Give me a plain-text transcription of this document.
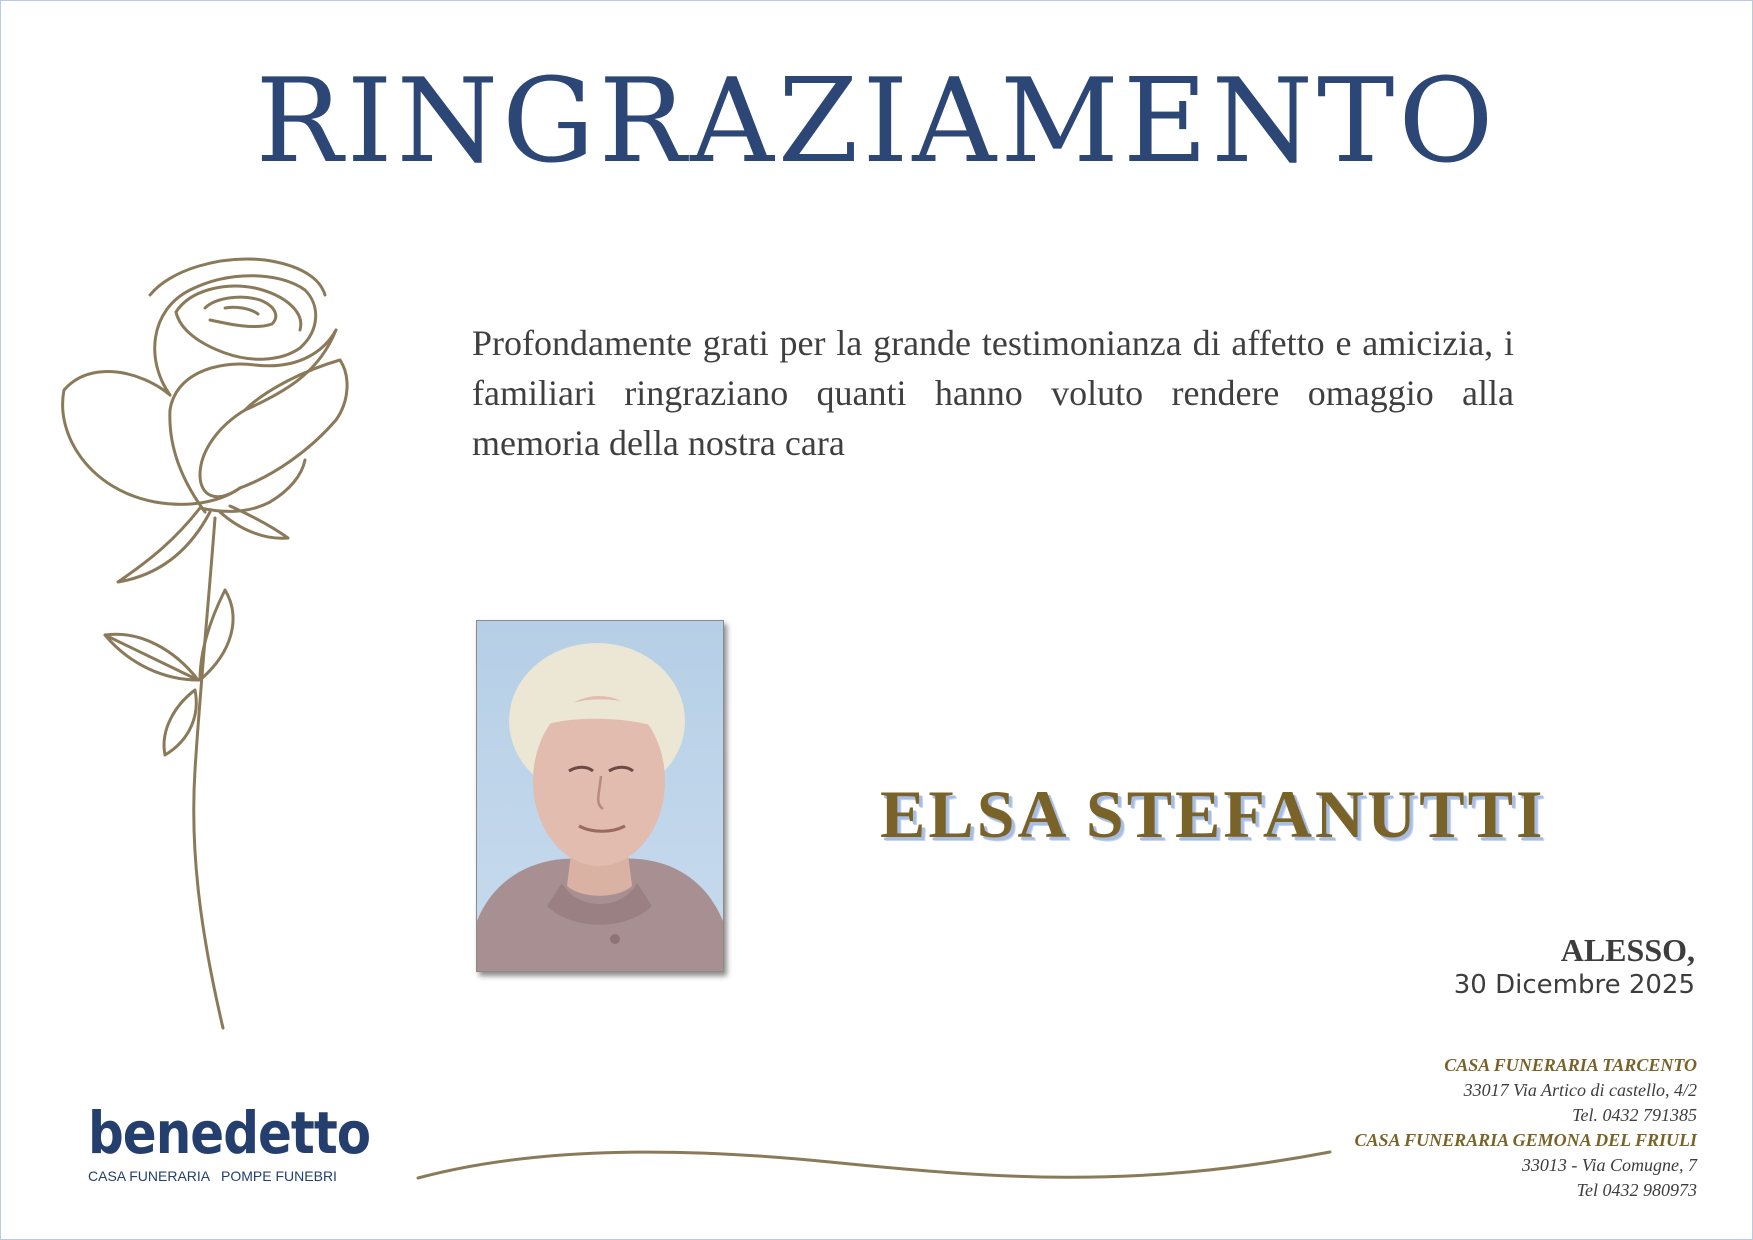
RINGRAZIAMENTO
Profondamente grati per la grande testimonianza di affetto e amicizia, i familiari ringraziano quanti hanno voluto rendere omaggio alla memoria della nostra cara
ELSA STEFANUTTI
ALESSO,
30 Dicembre 2025
CASA FUNERARIA TARCENTO
33017 Via Artico di castello, 4/2
Tel. 0432 791385
CASA FUNERARIA GEMONA DEL FRIULI
33013 - Via Comugne, 7
Tel 0432 980973
benedetto
CASA FUNERARIA   POMPE FUNEBRI
